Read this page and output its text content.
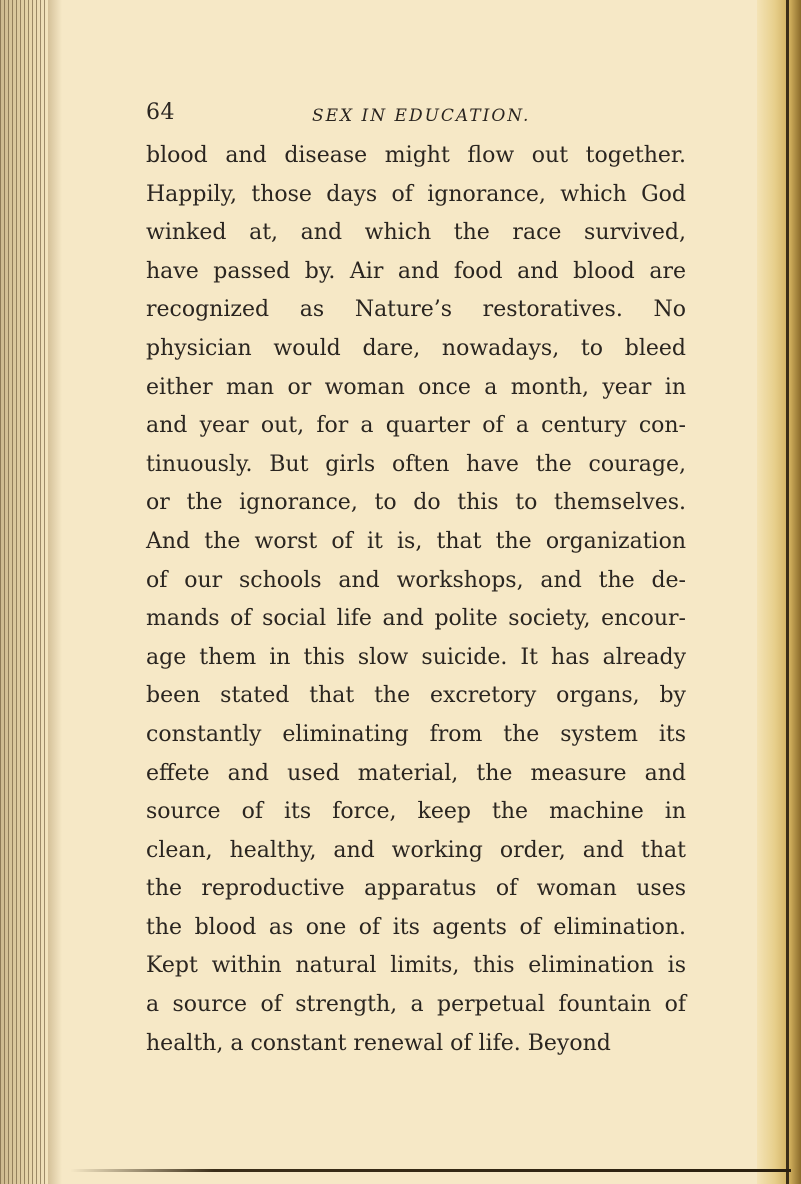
64	SEX IN EDUCATION.
blood and disease might flow out together.
Happily, those days of ignorance, which God
winked at, and which the race survived,
have passed by. Air and food and blood are
recognized as Nature’s restoratives. No
physician would dare, nowadays, to bleed
either man or woman once a month, year in
and year out, for a quarter of a century con-
tinuously. But girls often have the courage,
or the ignorance, to do this to themselves.
And the worst of it is, that the organization
of our schools and workshops, and the de-
mands of social life and polite society, encour-
age them in this slow suicide. It has already
been stated that the excretory organs, by
constantly eliminating from the system its
effete and used material, the measure and
source of its force, keep the machine in
clean, healthy, and working order, and that
the reproductive apparatus of woman uses
the blood as one of its agents of elimination.
Kept within natural limits, this elimination is
a source of strength, a perpetual fountain of
health, a constant renewal of life. Beyond
